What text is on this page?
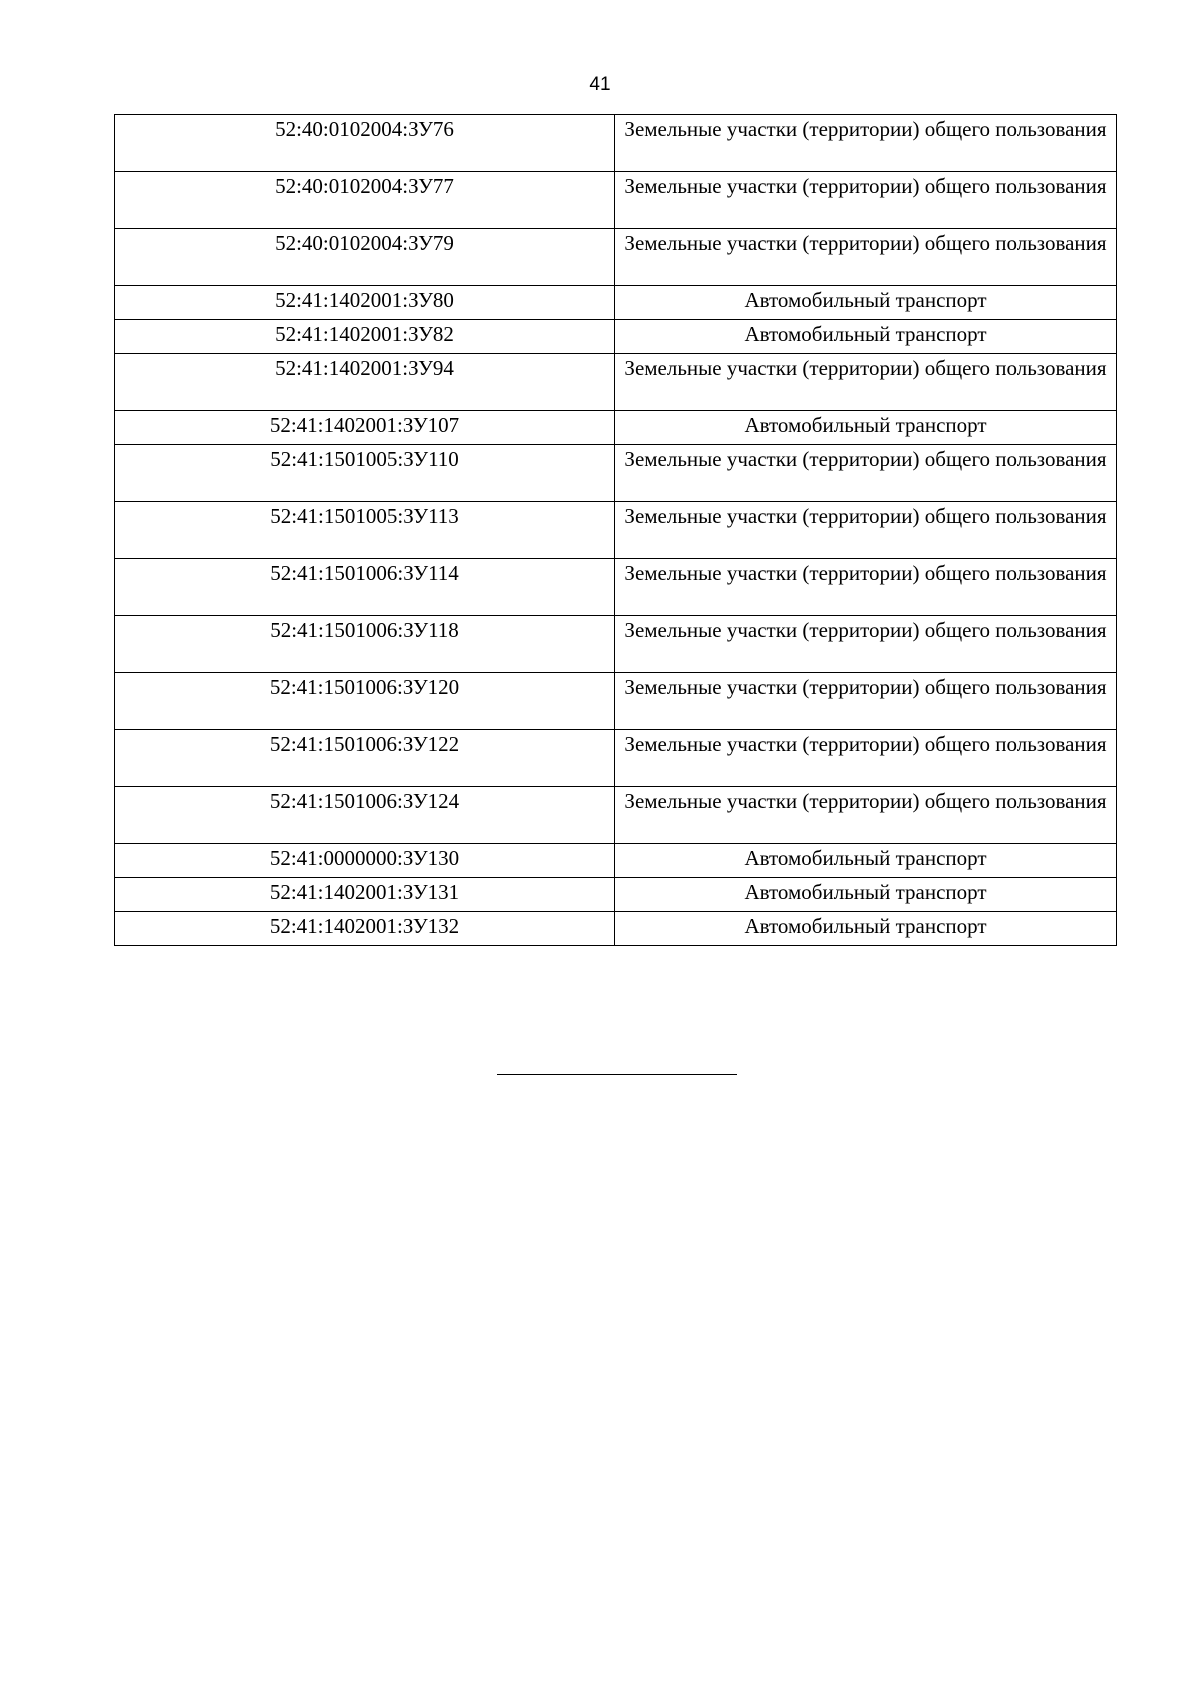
41
52:40:0102004:ЗУ76	Земельные участки (территории) общего пользования
52:40:0102004:ЗУ77	Земельные участки (территории) общего пользования
52:40:0102004:ЗУ79	Земельные участки (территории) общего пользования
52:41:1402001:ЗУ80	Автомобильный транспорт
52:41:1402001:ЗУ82	Автомобильный транспорт
52:41:1402001:ЗУ94	Земельные участки (территории) общего пользования
52:41:1402001:ЗУ107	Автомобильный транспорт
52:41:1501005:ЗУ110	Земельные участки (территории) общего пользования
52:41:1501005:ЗУ113	Земельные участки (территории) общего пользования
52:41:1501006:ЗУ114	Земельные участки (территории) общего пользования
52:41:1501006:ЗУ118	Земельные участки (территории) общего пользования
52:41:1501006:ЗУ120	Земельные участки (территории) общего пользования
52:41:1501006:ЗУ122	Земельные участки (территории) общего пользования
52:41:1501006:ЗУ124	Земельные участки (территории) общего пользования
52:41:0000000:ЗУ130	Автомобильный транспорт
52:41:1402001:ЗУ131	Автомобильный транспорт
52:41:1402001:ЗУ132	Автомобильный транспорт
